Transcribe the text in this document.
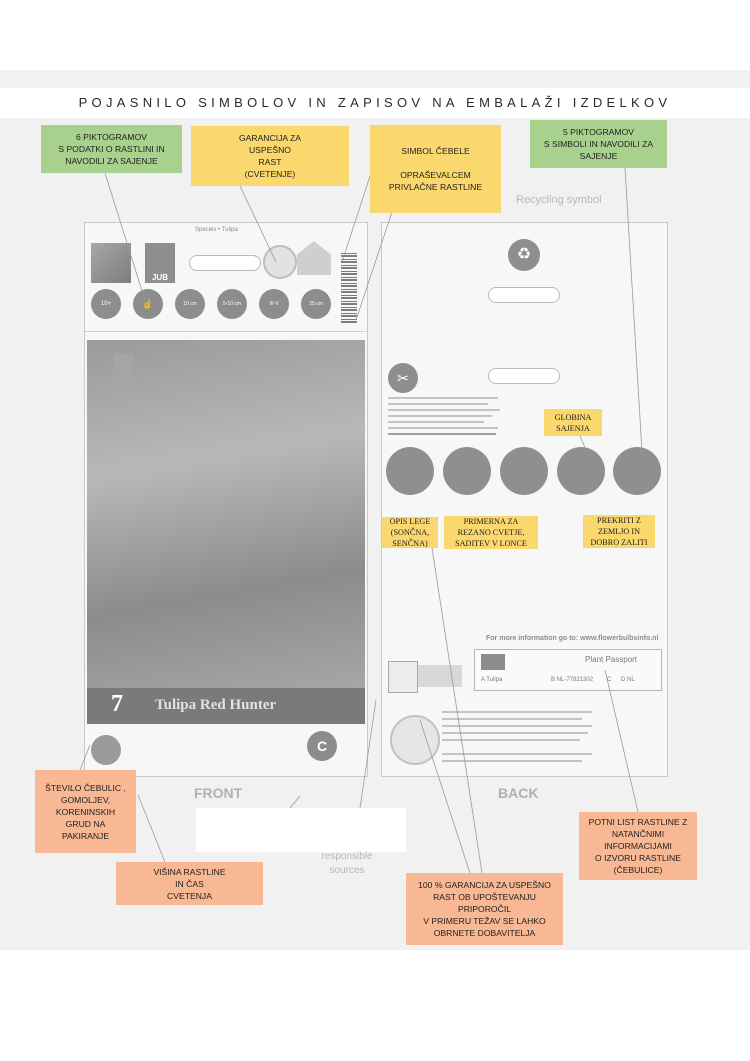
POJASNILO SIMBOLOV IN ZAPISOV NA EMBALAŽI IZDELKOV
Species • Tulipa
JUB
10+	☝	10 cm	5-10 cm	III-V	25 cm
7 Tulipa Red Hunter
C
♻
✂
For more information go to: www.flowerbulbsinfo.nl
Plant Passport
A Tulipa	B NL-77821302 C D NL
Recycling symbol
FRONT	BACK
responsible
sources
6 PIKTOGRAMOV
S PODATKI O RASTLINI IN
NAVODILI ZA SAJENJE
GARANCIJA ZA
USPEŠNO
RAST
(CVETENJE)
SIMBOL ČEBELE

OPRAŠEVALCEM
PRIVLAČNE RASTLINE
5 PIKTOGRAMOV
S SIMBOLI IN NAVODILI ZA
SAJENJE
GLOBINA
SAJENJA
OPIS LEGE
(SONČNA,
SENČNA)
PRIMERNA ZA
REZANO CVETJE,
SADITEV V LONCE
PREKRITI Z
ZEMLJO IN
DOBRO ZALITI
ŠTEVILO ČEBULIC ,
GOMOLJEV,
KORENINSKIH
GRUD NA
PAKIRANJE
VIŠINA RASTLINE
IN ČAS
CVETENJA
100 % GARANCIJA ZA USPEŠNO
RAST OB UPOŠTEVANJU
PRIPOROČIL
V PRIMERU TEŽAV SE LAHKO
OBRNETE DOBAVITELJA
POTNI LIST RASTLINE Z
NATANČNIMI
INFORMACIJAMI
O IZVORU RASTLINE
(ČEBULICE)
